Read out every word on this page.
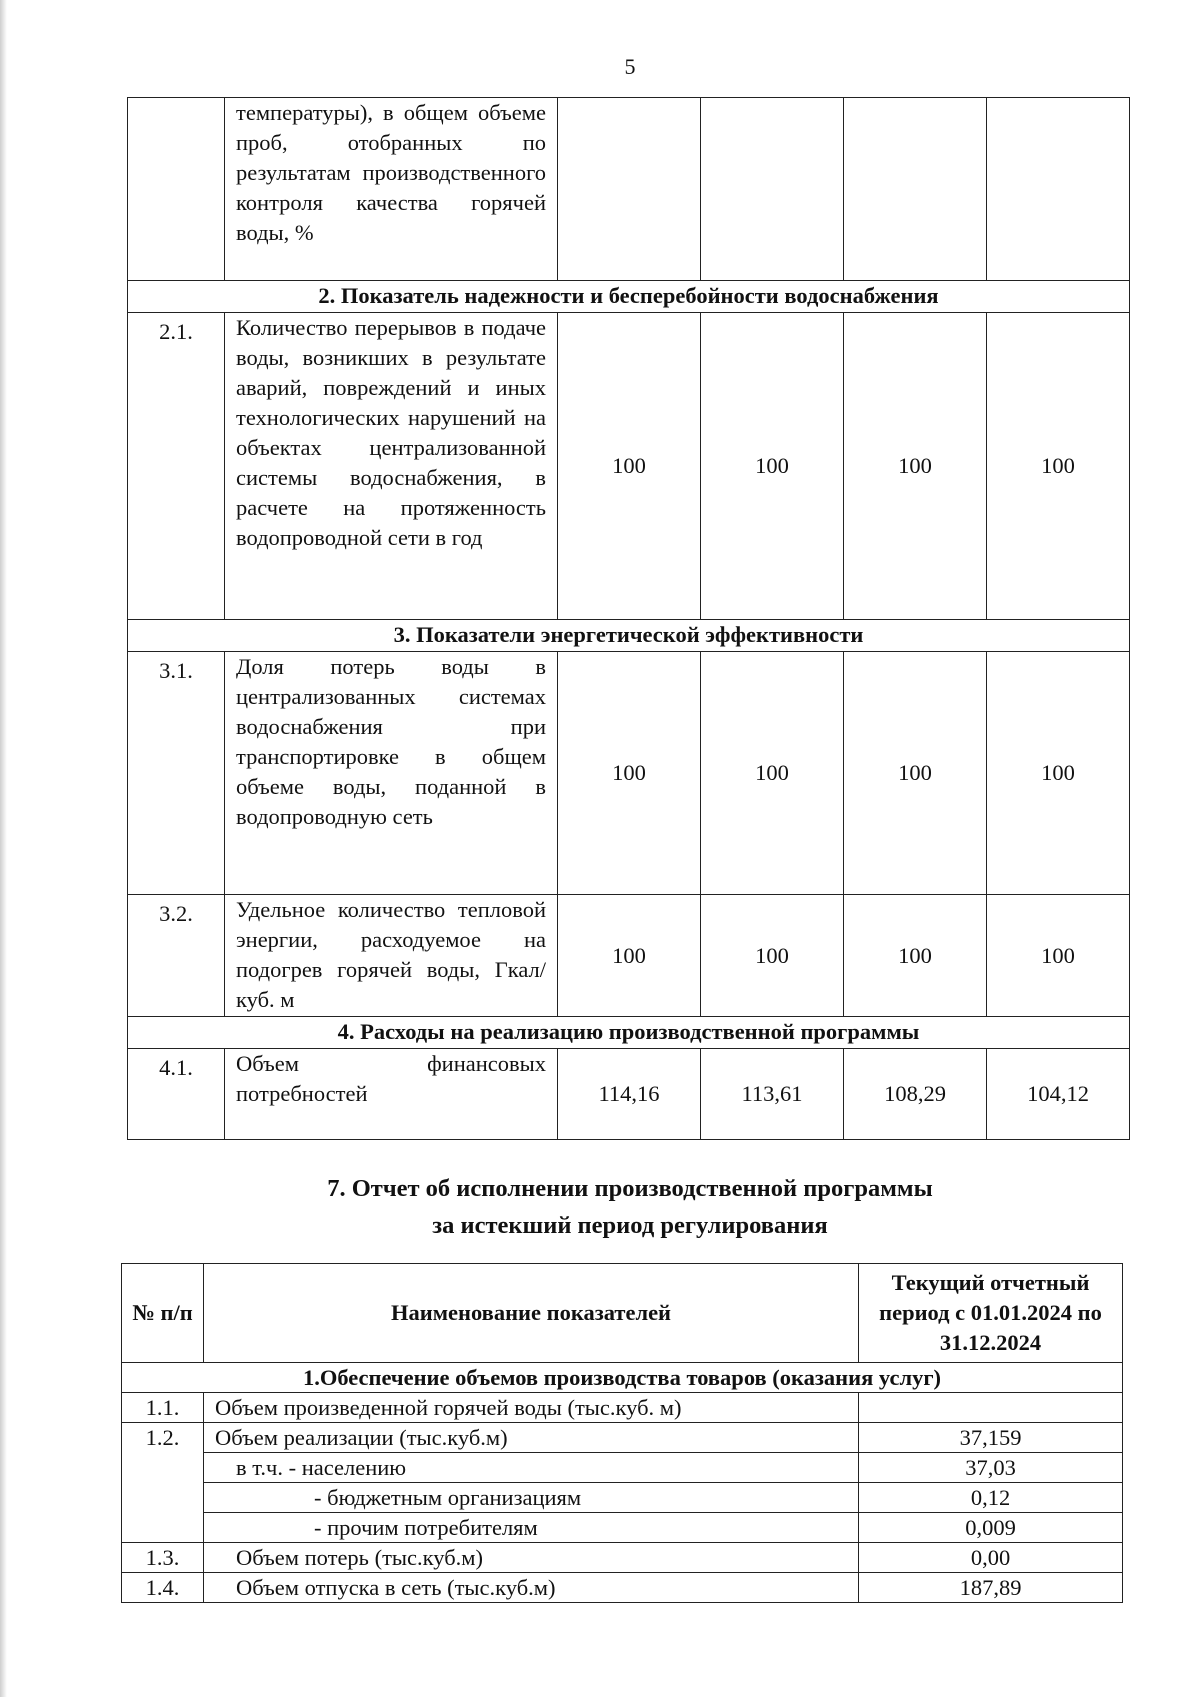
5
	температуры), в общем объеме проб, отобранных по результатам производственного контроля качества горячей воды, %				
2. Показатель надежности и бесперебойности водоснабжения					
2.1.	Количество перерывов в подаче воды, возникших в результате аварий, повреждений и иных технологических нарушений на объектах централизованной системы водоснабжения, в расчете на протяженность водопроводной сети в год	100	100	100	100
3. Показатели энергетической эффективности					
3.1.	Доля потерь воды в централизованных системах водоснабжения при транспортировке в общем объеме воды, поданной в водопроводную сеть	100	100	100	100
3.2.	Удельное количество тепловой энергии, расходуемое на подогрев горячей воды, Гкал/куб. м	100	100	100	100
4. Расходы на реализацию производственной программы					
4.1.	Объем финансовых потребностей	114,16	113,61	108,29	104,12
7. Отчет об исполнении производственной программы
за истекший период регулирования
№ п/п	Наименование показателей	Текущий отчетный период с 01.01.2024 по 31.12.2024
1.Обеспечение объемов производства товаров (оказания услуг)		
1.1.	Объем произведенной горячей воды (тыс.куб. м)	
1.2.	Объем реализации (тыс.куб.м)	37,159
	в т.ч. - населению	37,03
	- бюджетным организациям	0,12
	- прочим потребителям	0,009
1.3.	Объем потерь (тыс.куб.м)	0,00
1.4.	Объем отпуска в сеть (тыс.куб.м)	187,89
